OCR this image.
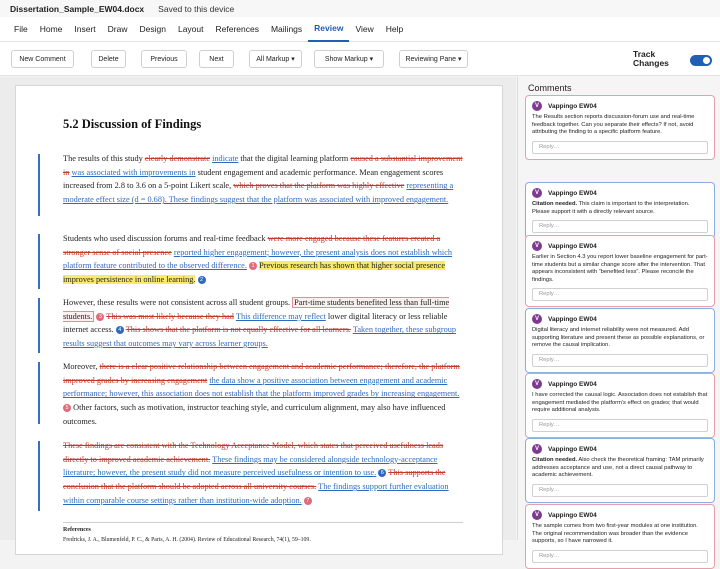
Dissertation_Sample_EW04.docx Saved to this device
File	Home	Insert	Draw	Design	Layout	References	Mailings	Review	View	Help
New Comment	Delete	Previous	Next	All Markup ▾	Show Markup ▾	Reviewing Pane ▾
Track Changes
5.2 Discussion of Findings
The results of this study clearly demonstrate indicate that the digital learning platform caused a substantial improvement in was associated with improvements in student engagement and academic performance. Mean engagement scores increased from 2.8 to 3.6 on a 5-point Likert scale, which proves that the platform was highly effective representing a moderate effect size (d = 0.68). These findings suggest that the platform was associated with improved engagement.
Students who used discussion forums and real-time feedback were more engaged because these features created a stronger sense of social presence reported higher engagement; however, the present analysis does not establish which platform feature contributed to the observed difference. 1 Previous research has shown that higher social presence improves persistence in online learning. 2
However, these results were not consistent across all student groups. Part-time students benefited less than full-time students. 3 This was most likely because they had This difference may reflect lower digital literacy or less reliable internet access. 4 This shows that the platform is not equally effective for all learners. Taken together, these subgroup results suggest that outcomes may vary across learner groups.
Moreover, there is a clear positive relationship between engagement and academic performance; therefore, the platform improved grades by increasing engagement the data show a positive association between engagement and academic performance; however, this association does not establish that the platform improved grades by increasing engagement. 5 Other factors, such as motivation, instructor teaching style, and curriculum alignment, may also have influenced outcomes.
These findings are consistent with the Technology Acceptance Model, which states that perceived usefulness leads directly to improved academic achievement. These findings may be considered alongside technology-acceptance literature; however, the present study did not measure perceived usefulness or intention to use. 6 This supports the conclusion that the platform should be adopted across all university courses. The findings support further evaluation within comparable course settings rather than institution-wide adoption. 7
References
Fredricks, J. A., Blumenfeld, P. C., & Paris, A. H. (2004). Review of Educational Research, 74(1), 59–109.
Comments
V	Vappingo EW04
The Results section reports discussion-forum use and real-time feedback together. Can you separate their effects? If not, avoid attributing the finding to a specific platform feature.
Reply…
V	Vappingo EW04
Citation needed. This claim is important to the interpretation. Please support it with a directly relevant source.
Reply…
V	Vappingo EW04
Earlier in Section 4.3 you report lower baseline engagement for part-time students but a similar change score after the intervention. That appears inconsistent with “benefited less”. Please reconcile the findings.
Reply…
V	Vappingo EW04
Digital literacy and internet reliability were not measured. Add supporting literature and present these as possible explanations, or remove the causal implication.
Reply…
V	Vappingo EW04
I have corrected the causal logic. Association does not establish that engagement mediated the platform's effect on grades; that would require additional analysis.
Reply…
V	Vappingo EW04
Citation needed. Also check the theoretical framing: TAM primarily addresses acceptance and use, not a direct causal pathway to academic achievement.
Reply…
V	Vappingo EW04
The sample comes from two first-year modules at one institution. The original recommendation was broader than the evidence supports, so I have narrowed it.
Reply…
